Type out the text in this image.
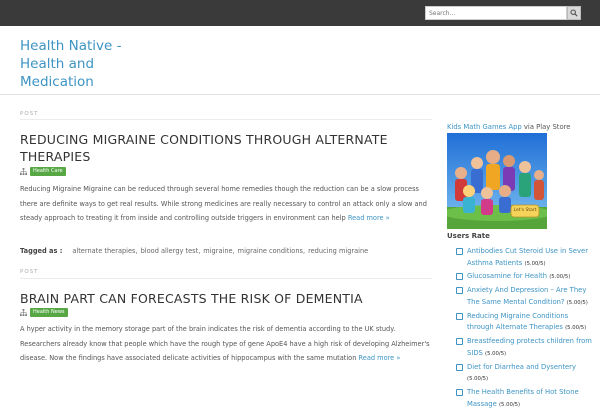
Search...
Health Native - Health and Medication
POST
REDUCING MIGRAINE CONDITIONS THROUGH ALTERNATE THERAPIES
Health Care

Reducing Migraine Migraine can be reduced through several home remedies though the reduction can be a slow process there are definite ways to get real results. While strong medicines are really necessary to control an attack only a slow and steady approach to treating it from inside and controlling outside triggers in environment can help Read more »

Tagged as : alternate therapies , blood allergy test , migraine , migraine conditions , reducing migraine
POST
BRAIN PART CAN FORECASTS THE RISK OF DEMENTIA
Health News

A hyper activity in the memory storage part of the brain indicates the risk of dementia according to the UK study. Researchers already know that people which have the rough type of gene ApoE4 have a high risk of developing Alzheimer's disease. Now the findings have associated delicate activities of hippocampus with the same mutation Read more »

Kids Math Games App via Play Store
Let's Start
Users Rate
Antibodies Cut Steroid Use in Sever Asthma Patients (5.00/5)
Glucosamine for Health (5.00/5)
Anxiety And Depression – Are They The Same Mental Condition? (5.00/5)
Reducing Migraine Conditions through Alternate Therapies (5.00/5)
Breastfeeding protects children from SIDS (5.00/5)
Diet for Diarrhea and Dysentery (5.00/5)
The Health Benefits of Hot Stone Massage (5.00/5)
